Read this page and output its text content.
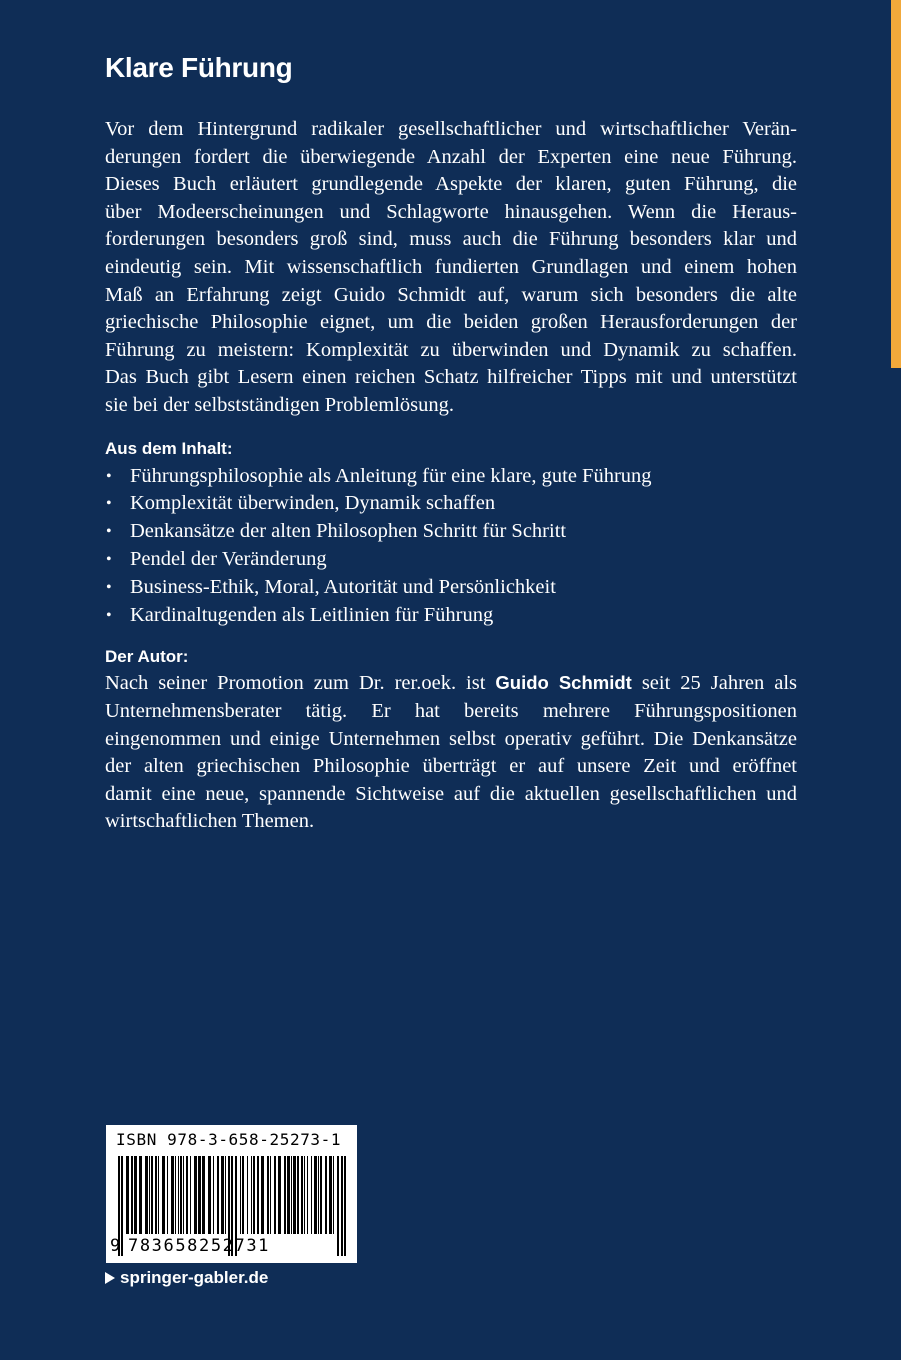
Klare Führung

Vor dem Hintergrund radikaler gesellschaftlicher und wirtschaftlicher Verän-
derungen fordert die überwiegende Anzahl der Experten eine neue Führung.
Dieses Buch erläutert grundlegende Aspekte der klaren, guten Führung, die
über Modeerscheinungen und Schlagworte hinausgehen. Wenn die Heraus-
forderungen besonders groß sind, muss auch die Führung besonders klar und
eindeutig sein. Mit wissenschaftlich fundierten Grundlagen und einem hohen
Maß an Erfahrung zeigt Guido Schmidt auf, warum sich besonders die alte
griechische Philosophie eignet, um die beiden großen Herausforderungen der
Führung zu meistern: Komplexität zu überwinden und Dynamik zu schaffen.
Das Buch gibt Lesern einen reichen Schatz hilfreicher Tipps mit und unterstützt
sie bei der selbstständigen Problemlösung.

Aus dem Inhalt:
• Führungsphilosophie als Anleitung für eine klare, gute Führung
• Komplexität überwinden, Dynamik schaffen
• Denkansätze der alten Philosophen Schritt für Schritt
• Pendel der Veränderung
• Business-Ethik, Moral, Autorität und Persönlichkeit
• Kardinaltugenden als Leitlinien für Führung
Der Autor:

Nach seiner Promotion zum Dr. rer.oek. ist Guido Schmidt seit 25 Jahren als
Unternehmensberater tätig. Er hat bereits mehrere Führungspositionen
eingenommen und einige Unternehmen selbst operativ geführt. Die Denkansätze
der alten griechischen Philosophie überträgt er auf unsere Zeit und eröffnet
damit eine neue, spannende Sichtweise auf die aktuellen gesellschaftlichen und
wirtschaftlichen Themen.

ISBN 978-3-658-25273-1
9 783658252731
springer-gabler.de
